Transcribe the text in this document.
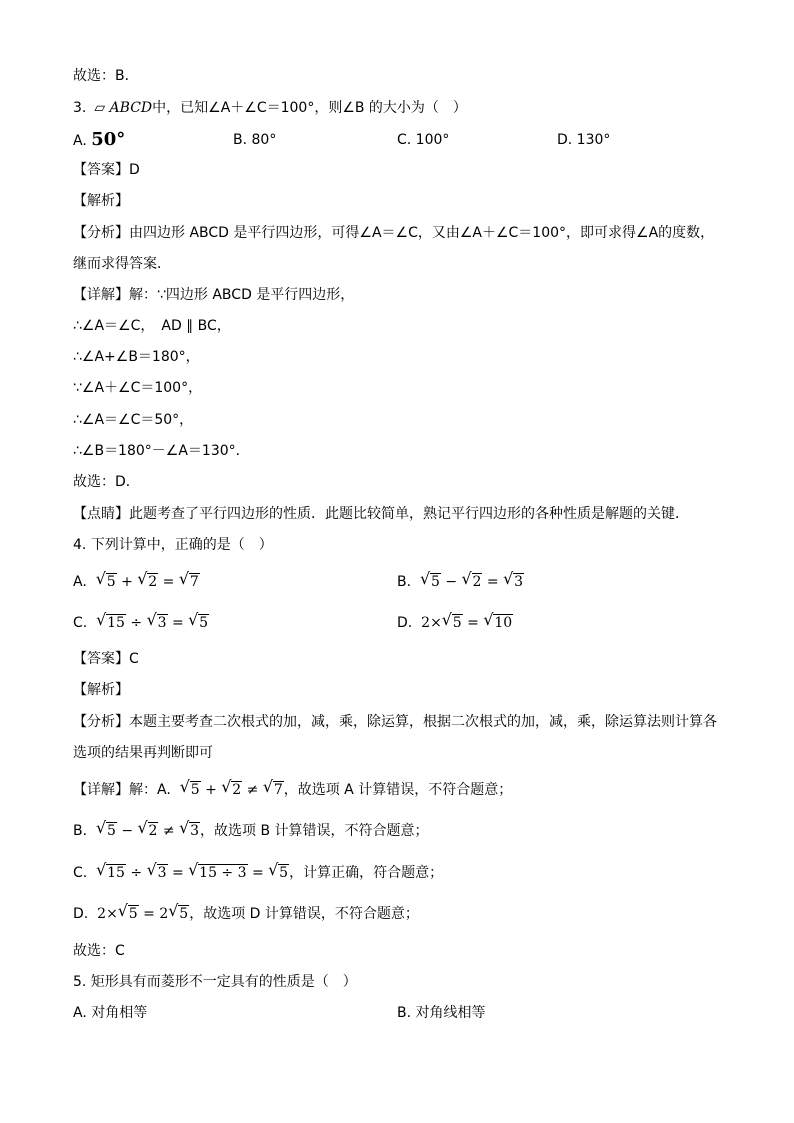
故选：B．
3.  ▱ ABCD中，已知∠A＋∠C＝100°，则∠B 的大小为（　）
A. 50°	B. 80°	C. 100°	D. 130°
【答案】D
【解析】
【分析】由四边形 ABCD 是平行四边形，可得∠A＝∠C，又由∠A＋∠C＝100°，即可求得∠A的度数，
继而求得答案．
【详解】解：∵四边形 ABCD 是平行四边形，
∴∠A＝∠C，　AD ∥ BC，
∴∠A+∠B＝180°，
∵∠A＋∠C＝100°，
∴∠A＝∠C＝50°，
∴∠B＝180°－∠A＝130°．
故选：D．
【点睛】此题考查了平行四边形的性质．此题比较简单，熟记平行四边形的各种性质是解题的关键．
4. 下列计算中，正确的是（　）
A. √ 5 + √ 2 = √ 7	B. √ 5 − √ 2 = √ 3
C. √ 15 ÷ √ 3 = √ 5	D. 2× √ 5 = √ 10
【答案】C
【解析】
【分析】本题主要考查二次根式的加，减，乘，除运算，根据二次根式的加，减，乘，除运算法则计算各
选项的结果再判断即可
【详解】解：A. √ 5 + √ 2 ≠ √ 7，故选项 A 计算错误，不符合题意；
B. √ 5 − √ 2 ≠ √ 3，故选项 B 计算错误，不符合题意；
C. √ 15 ÷ √ 3 = √ 15 ÷ 3 = √ 5，计算正确，符合题意；
D. 2× √ 5 = 2 √ 5，故选项 D 计算错误，不符合题意；
故选：C
5. 矩形具有而菱形不一定具有的性质是（　）
A. 对角相等	B. 对角线相等
